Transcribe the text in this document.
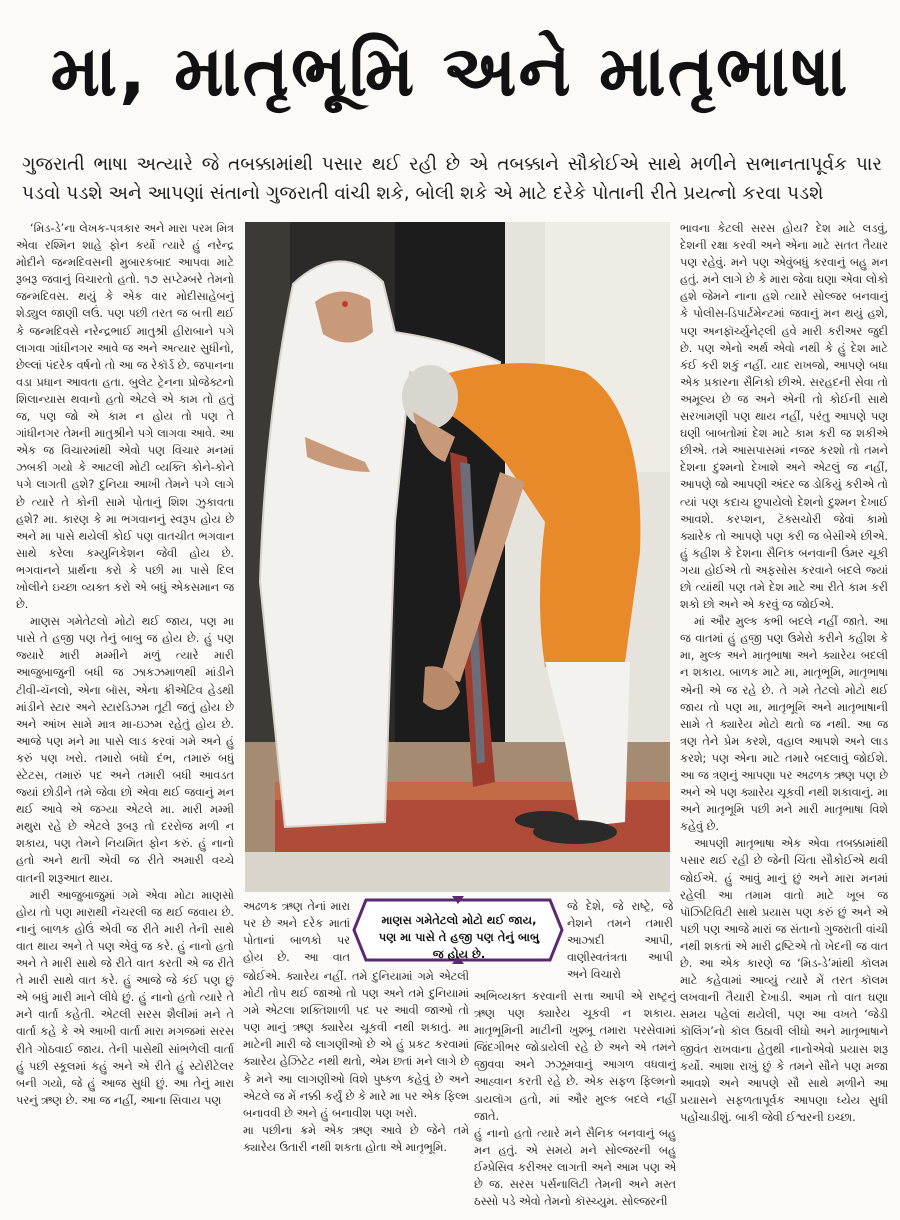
મા, માતૃભૂમિ અને માતૃભાષા
ગુજરાતી ભાષા અત્યારે જે તબક્કામાંથી પસાર થઈ રહી છે એ તબક્કાને સૌકોઈએ સાથે મળીને સભાનતાપૂર્વક પાર પડવો પડશે અને આપણાં સંતાનો ગુજરાતી વાંચી શકે, બોલી શકે એ માટે દરેકે પોતાની રીતે પ્રયત્નો કરવા પડશે

‘મિડ-ડે’ના લેખક-પત્રકાર અને મારા પરમ મિત્ર એવા રશ્મિન શાહે ફોન કર્યો ત્યારે હું નરેન્દ્ર મોદીને જન્મદિવસની મુબારકબાદ આપવા માટે રૂબરૂ જવાનું વિચારતો હતો. ૧૭ સપ્ટેમ્બરે તેમનો જન્મદિવસ. થયું કે એક વાર મોદીસાહેબનું શેડ્યુલ જાણી લઉં. પણ પછી તરત જ બત્તી થઈ કે જન્મદિવસે નરેન્દ્રભાઈ માતુશ્રી હીરાબાને પગે લાગવા ગાંધીનગર આવે જ અને અત્યાર સુધીનો, છેલ્લાં પંદરેક વર્ષનો તો આ જ રેકૉર્ડ છે. જપાનના વડા પ્રધાન આવતા હતા. બુલેટ ટ્રેનના પ્રોજેક્ટનો શિલાન્યાસ થવાનો હતો એટલે એ કામ તો હતું જ, પણ જો એ કામ ન હોય તો પણ તે ગાંધીનગર તેમની માતુશ્રીને પગે લાગવા આવે. આ એક જ વિચારમાંથી એવો પણ વિચાર મનમાં ઝબકી ગયો કે આટલી મોટી વ્યક્તિ કોને-કોને પગે લાગતી હશે? દુનિયા આખી તેમને પગે લાગે છે ત્યારે તે કોની સામે પોતાનું શિશ ઝુકાવતા હશે? મા. કારણ કે મા ભગવાનનું સ્વરૂપ હોય છે અને મા પાસે થયેલી કોઈ પણ વાતચીત ભગવાન સાથે કરેલા કમ્યુનિકેશન જેવી હોય છે. ભગવાનને પ્રાર્થના કરો કે પછી મા પાસે દિલ ખોલીને ઇચ્છા વ્યક્ત કરો એ બધું એકસમાન જ છે.

માણસ ગમેતેટલો મોટો થઈ જાય, પણ મા પાસે તે હજી પણ તેનું બાબુ જ હોય છે. હું પણ જ્યારે મારી મમ્મીને મળું ત્યારે મારી આજુબાજુની બધી જ ઝાકઝમાળથી માંડીને ટીવી-ચૅનલો, એના બૉસ, એના ક્રીએટિવ હેડથી માંડીને સ્ટાર અને સ્ટારડિઝમ તૂટી જતું હોય છે અને આંખ સામે માત્ર મા-ઇઝમ રહેતું હોય છે. આજે પણ મને મા પાસે લાડ કરવાં ગમે અને હું કરું પણ ખરો. તમારો બધો દંભ, તમારું બધું સ્ટેટસ, તમારું પદ અને તમારી બધી આવડત જ્યાં છોડીને તમે જેવા છો એવા થઈ જવાનું મન થઈ આવે એ જગ્યા એટલે મા. મારી મમ્મી મથુરા રહે છે એટલે રૂબરૂ તો દરરોજ મળી ન શકાય, પણ તેમને નિયમિત ફોન કરું. હું નાનો હતો અને થતી એવી જ રીતે અમારી વચ્ચે વાતની શરૂઆત થાય.

મારી આજુબાજુમાં ગમે એવા મોટા માણસો હોય તો પણ મારાથી નૅચરલી જ થઈ જવાય છે. નાનું બાળક હોઉં એવી જ રીતે મારી તેની સાથે વાત થાય અને તે પણ એવું જ કરે. હું નાનો હતો અને તે મારી સાથે જે રીતે વાત કરતી એ જ રીતે તે મારી સાથે વાત કરે. હું આજે જે કંઈ પણ છું એ બધું મારી માને લીધે છું. હું નાનો હતો ત્યારે તે મને વાર્તા કહેતી. એટલી સરસ શૈલીમાં મને તે વાર્તા કહે કે એ આખી વાર્તા મારા મગજમાં સરસ રીતે ગોઠવાઈ જાય. તેની પાસેથી સાંભળેલી વાર્તા હું પછી સ્કૂલમાં કહું અને એ રીતે હું સ્ટોરીટેલર બની ગયો, જે હું આજ સુધી છું. આ તેનું મારા પરનું ઋણ છે. આ જ નહીં, આના સિવાય પણ

અઢળક ઋણ તેનાં મારા પર છે અને દરેક માતાં પોતાનાં બાળકો પર હોય છે. આ વાત

માણસ ગમેતેટલો મોટો થઈ જાય, પણ મા પાસે તે હજી પણ તેનું બાબુ જ હોય છે.

જે દેશે, જે રાષ્ટ્રે, જે નેશને તમને તમારી આઝાદી આપી, વાણીસ્વતંત્રતા આપી અને વિચારો

જોઈએ. ક્યારેય નહીં. તમે દુનિયામાં ગમે એટલી મોટી તોપ થઈ જાઓ તો પણ અને તમે દુનિયામાં ગમે એટલા શક્તિશાળી પદ પર આવી જાઓ તો પણ માનું ઋણ ક્યારેય ચૂકવી નથી શકાતું. મા માટેની મારી જે લાગણીઓ છે એ હું પ્રકટ કરવામાં ક્યારેય હેઝિટેટ નથી થતો, એમ છતાં મને લાગે છે કે મને આ લાગણીઓ વિશે પુષ્કળ કહેવું છે અને એટલે જ મેં નક્કી કર્યું છે કે મારે મા પર એક ફિલ્મ બનાવવી છે અને હું બનાવીશ પણ ખરો.
મા પછીના ક્રમે એક ઋણ આવે છે જેને તમે ક્યારેય ઉતારી નથી શકતા હોતા એ માતૃભૂમિ.

અભિવ્યક્ત કરવાની સત્તા આપી એ રાષ્ટ્રનું ઋણ પણ ક્યારેય ચૂકવી ન શકાય. માતૃભૂમિની માટીની ખુશ્બૂ તમારા પરસેવામાં જિંદગીભર જોડાયેલી રહે છે અને એ તમને જીવવા અને ઝઝૂમવાનું આગળ વધવાનું આહ્વાન કરતી રહે છે. એક સફળ ફિલ્મનો ડાયલૉગ હતો, માં ઔર મુલ્ક બદલે નહીં જાતે.
હું નાનો હતો ત્યારે મને સૈનિક બનવાનું બહુ મન હતું. એ સમયે મને સોલ્જરની બહુ ઈમ્પ્રેસિવ કરીઅર લાગતી અને આમ પણ એ છે જ. સરસ પર્સનાલિટી તેમની અને મસ્ત ઠસ્સો પડે એવો તેમનો કૉસ્ચ્યુમ. સોલ્જરની

ભાવના કેટલી સરસ હોય? દેશ માટે લડવું, દેશની રક્ષા કરવી અને એના માટે સતત તૈયાર પણ રહેવું. મને પણ એવુંબધું કરવાનું બહુ મન હતું. મને લાગે છે કે મારા જેવા ઘણા એવા લોકો હશે જેમને નાના હશે ત્યારે સોલ્જર બનવાનું કે પોલીસ-ડિપાર્ટમેન્ટમાં જવાનું મન થયું હશે, પણ અનફૉર્ચ્યુનેટ્લી હવે મારી કરીઅર જુદી છે. પણ એનો અર્થ એવો નથી કે હું દેશ માટે કંઈ કરી શકું નહીં. યાદ રાખજો, આપણે બધા એક પ્રકારના સૈનિકો છીએ. સરહદની સેવા તો અમૂલ્ય છે જ અને એની તો કોઈની સાથે સરખામણી પણ થાય નહીં, પરંતુ આપણે પણ ઘણી બાબતોમાં દેશ માટે કામ કરી જ શકીએ છીએ. તમે આસપાસમાં નજર કરશો તો તમને દેશના દુશ્મનો દેખાશે અને એટલું જ નહીં, આપણે જો આપણી અંદર જ ડોકિયું કરીએ તો ત્યાં પણ કદાચ છુપાયેલો દેશનો દુશ્મન દેખાઈ આવશે. કરપ્શન, ટૅક્સચોરી જેવાં કામો ક્યારેક તો આપણે પણ કરી જ બેસીએ છીએ. હું કહીશ કે દેશના સૈનિક બનવાની ઉંમર ચૂકી ગયા હોઈએ તો અફસોસ કરવાને બદલે જ્યાં છો ત્યાંથી પણ તમે દેશ માટે આ રીતે કામ કરી શકો છો અને એ કરવું જ જોઈએ.

માં ઔર મુલ્ક કભી બદલે નહીં જાતે. આ જ વાતમાં હું હજી પણ ઉમેરો કરીને કહીશ કે મા, મુલ્ક અને માતૃભાષા અને ક્યારેય બદલી ન શકાય. બાળક માટે મા, માતૃભૂમિ, માતૃભાષા એની એ જ રહે છે. તે ગમે તેટલો મોટો થઈ જાય તો પણ મા, માતૃભૂમિ અને માતૃભાષાની સામે તે ક્યારેય મોટો થતો જ નથી. આ જ ત્રણ તેને પ્રેમ કરશે, વહાલ આપશે અને લાડ કરશે; પણ એના માટે તમારે બદલાવું જોઈશે. આ જ ત્રણનું આપણા પર અઢળક ઋણ પણ છે અને એ પણ ક્યારેય ચૂકવી નથી શકાવાનું. મા અને માતૃભૂમિ પછી મને મારી માતૃભાષા વિશે કહેવું છે.

આપણી માતૃભાષા એક એવા તબક્કામાંથી પસાર થઈ રહી છે જેની ચિંતા સૌકોઈએ થવી જોઈએ. હું આવું માનું છું અને મારા મનમાં રહેલી આ તમામ વાતો માટે ખૂબ જ પૉઝિટિવિટી સાથે પ્રયાસ પણ કરું છું અને એ પછી પણ આજે મારાં જ સંતાનો ગુજરાતી વાંચી નથી શકતાં એ મારી દ્રષ્ટિએ તો ખેદની જ વાત છે. આ એક કારણે જ ‘મિડ-ડે’માંથી કૉલમ માટે કહેવામાં આવ્યું ત્યારે મેં તરત કૉલમ લખવાની તૈયારી દેખાડી. આમ તો વાત ઘણા સમય પહેલાં થયેલી, પણ આ વખતે ‘જેડી કૉલિંગ’નો કૉલ ઉઠાવી લીધો અને માતૃભાષાને જીવંત રાખવાના હેતુથી નાનોએવો પ્રયાસ શરૂ કર્યો. આશા રાખું છું કે તમને સૌને પણ મજા આવશે અને આપણે સૌ સાથે મળીને આ પ્રયાસને સફળતાપૂર્વક આપણા ધ્યેય સુધી પહોંચાડીશું. બાકી જેવી ઈશ્વરની ઇચ્છા.
